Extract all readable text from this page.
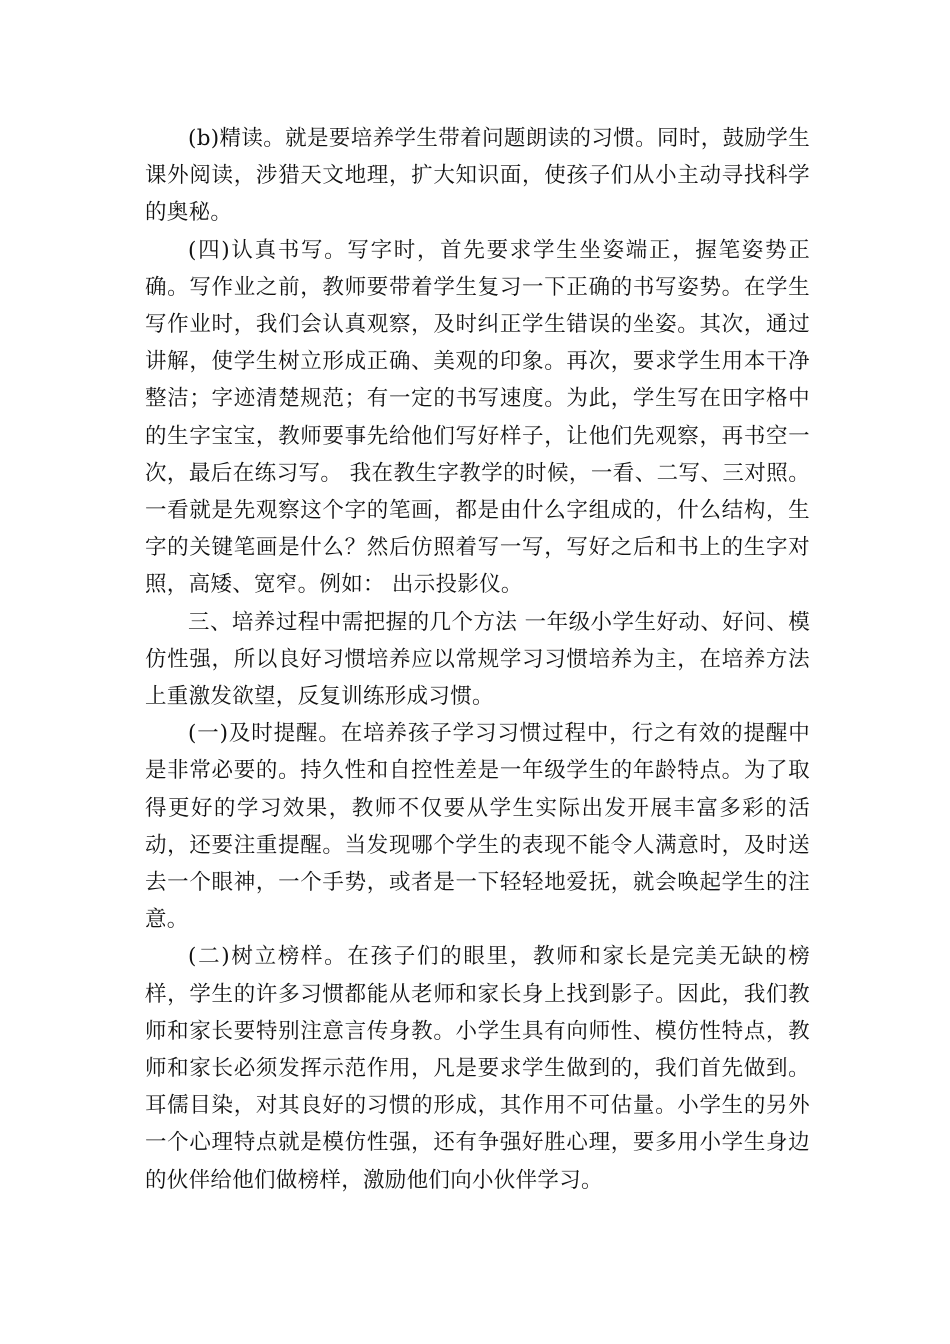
(b)精读。就是要培养学生带着问题朗读的习惯。同时，鼓励学生课外阅读，涉猎天文地理，扩大知识面，使孩子们从小主动寻找科学的奥秘。

(四)认真书写。写字时，首先要求学生坐姿端正，握笔姿势正确。写作业之前，教师要带着学生复习一下正确的书写姿势。在学生写作业时，我们会认真观察，及时纠正学生错误的坐姿。其次，通过讲解，使学生树立形成正确、美观的印象。再次，要求学生用本干净整洁；字迹清楚规范；有一定的书写速度。为此，学生写在田字格中的生字宝宝，教师要事先给他们写好样子，让他们先观察，再书空一次，最后在练习写。 我在教生字教学的时候，一看、二写、三对照。一看就是先观察这个字的笔画，都是由什么字组成的，什么结构，生字的关键笔画是什么？然后仿照着写一写，写好之后和书上的生字对照，高矮、宽窄。例如： 出示投影仪。

三、培养过程中需把握的几个方法 一年级小学生好动、好问、模仿性强，所以良好习惯培养应以常规学习习惯培养为主，在培养方法上重激发欲望，反复训练形成习惯。

(一)及时提醒。在培养孩子学习习惯过程中，行之有效的提醒中是非常必要的。持久性和自控性差是一年级学生的年龄特点。为了取得更好的学习效果，教师不仅要从学生实际出发开展丰富多彩的活动，还要注重提醒。当发现哪个学生的表现不能令人满意时，及时送去一个眼神，一个手势，或者是一下轻轻地爱抚，就会唤起学生的注意。

(二)树立榜样。在孩子们的眼里，教师和家长是完美无缺的榜样，学生的许多习惯都能从老师和家长身上找到影子。因此，我们教师和家长要特别注意言传身教。小学生具有向师性、模仿性特点，教师和家长必须发挥示范作用，凡是要求学生做到的，我们首先做到。耳儒目染，对其良好的习惯的形成，其作用不可估量。小学生的另外一个心理特点就是模仿性强，还有争强好胜心理，要多用小学生身边的伙伴给他们做榜样，激励他们向小伙伴学习。
